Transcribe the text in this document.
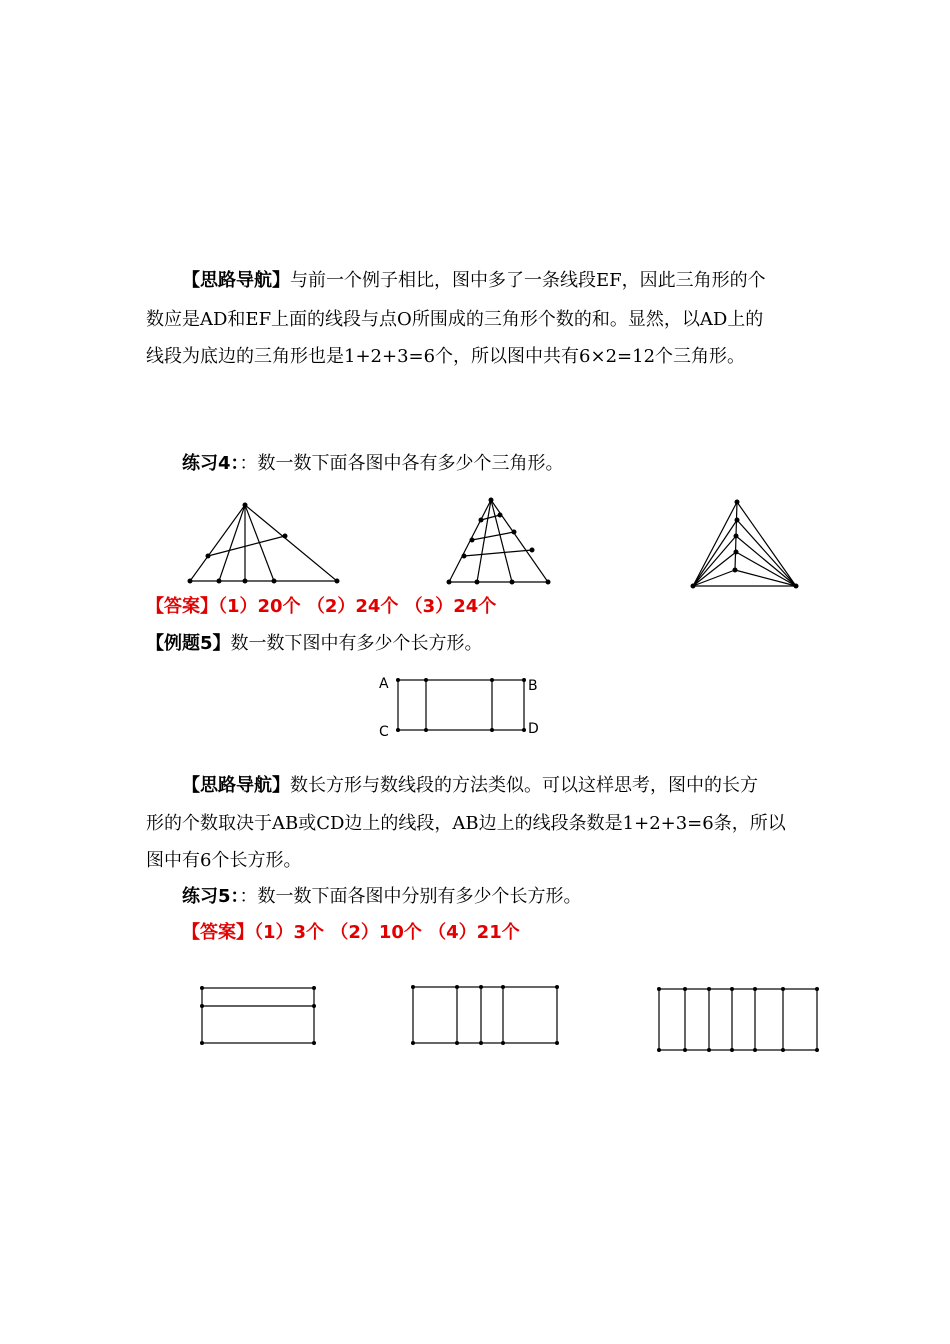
【思路导航】与前一个例子相比，图中多了一条线段EF，因此三角形的个
数应是AD和EF上面的线段与点O所围成的三角形个数的和。显然，以AD上的
线段为底边的三角形也是1+2+3=6个，所以图中共有6×2=12个三角形。
练习4：：数一数下面各图中各有多少个三角形。
A	B
C	D
【答案】（1）20个 （2）24个 （3）24个
【例题5】数一数下图中有多少个长方形。
【思路导航】数长方形与数线段的方法类似。可以这样思考，图中的长方
形的个数取决于AB或CD边上的线段，AB边上的线段条数是1+2+3=6条，所以
图中有6个长方形。
练习5：：数一数下面各图中分别有多少个长方形。
【答案】（1）3个 （2）10个 （4）21个
